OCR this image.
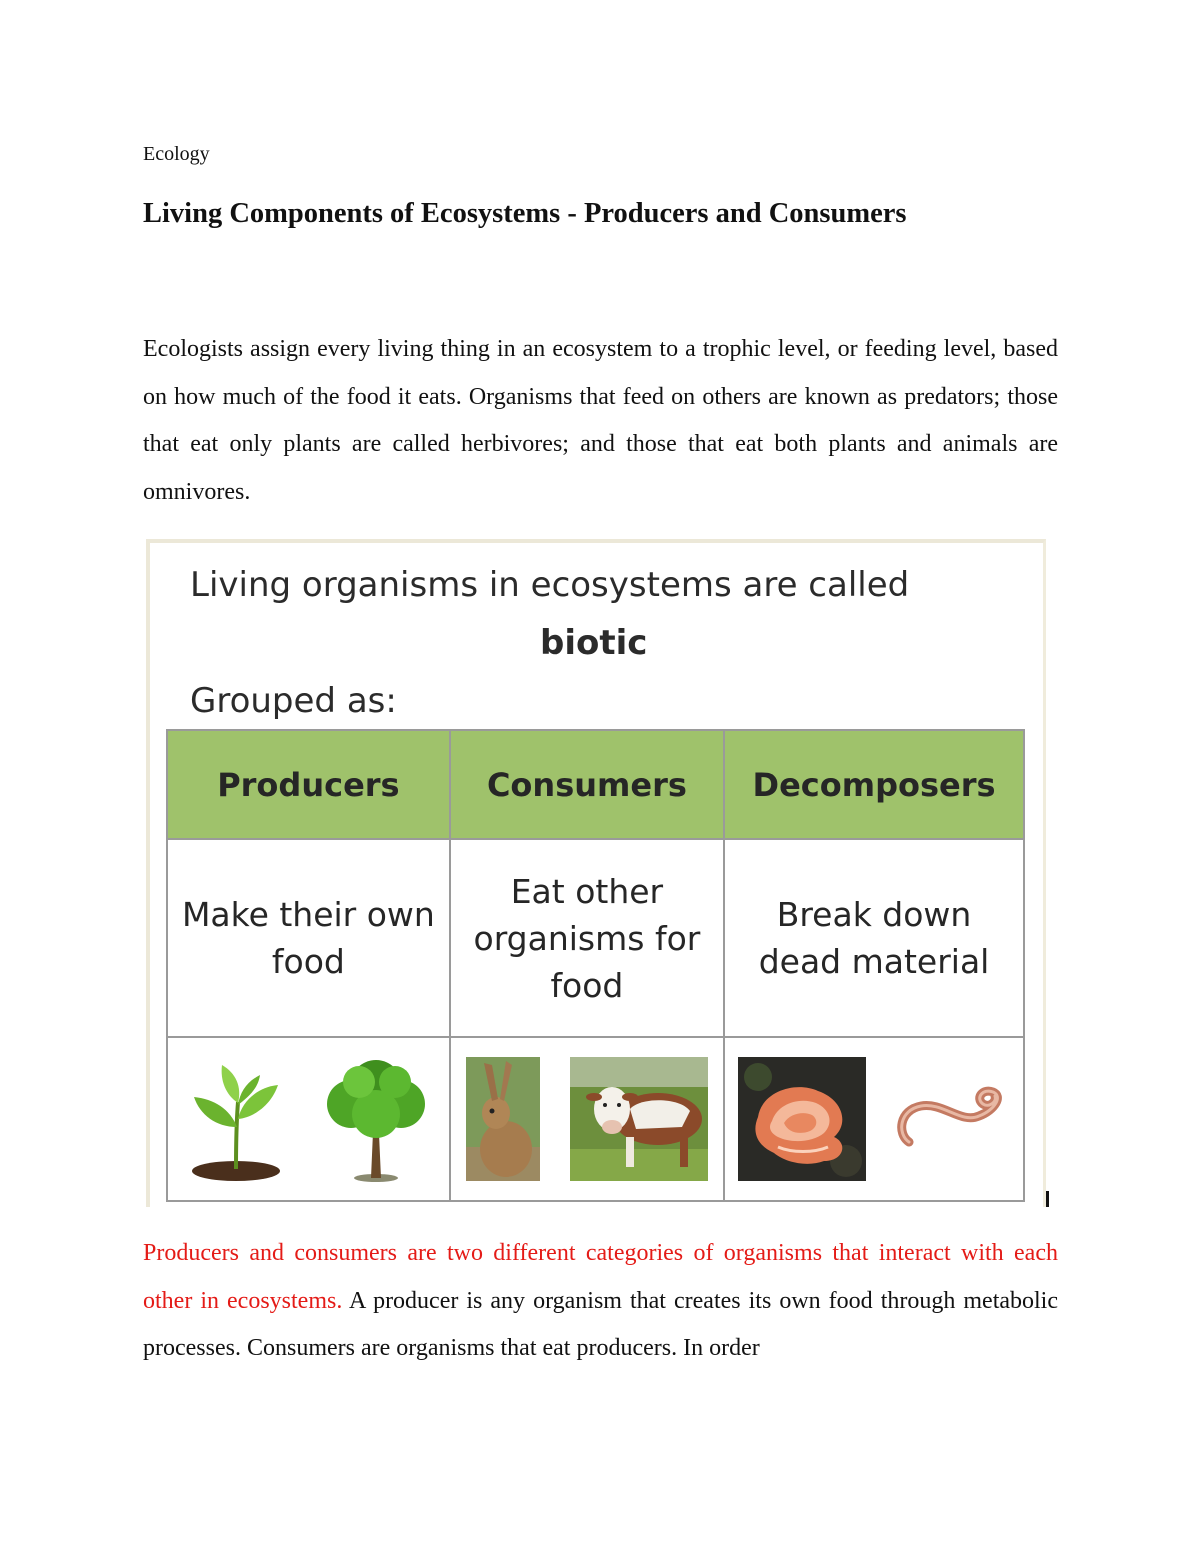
Ecology
Living Components of Ecosystems - Producers and Consumers

Ecologists assign every living thing in an ecosystem to a trophic level, or feeding level, based on how much of the food it eats. Organisms that feed on others are known as predators; those that eat only plants are called herbivores; and those that eat both plants and animals are omnivores.

Living organisms in ecosystems are called
biotic
Grouped as:
Producers	Consumers	Decomposers
Make their own food	Eat other organisms for food	Break down dead material

Producers and consumers are two different categories of organisms that interact with each other in ecosystems. A producer is any organism that creates its own food through metabolic processes. Consumers are organisms that eat producers. In order
